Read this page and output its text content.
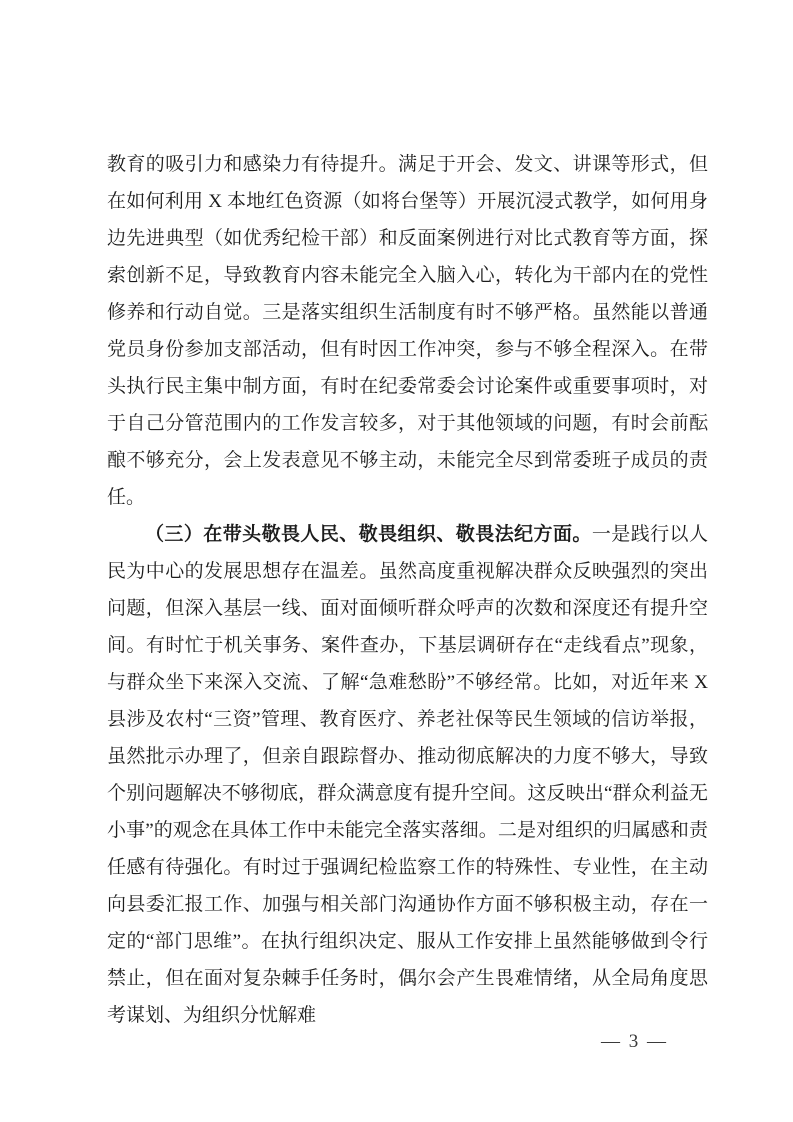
教育的吸引力和感染力有待提升。满足于开会、发文、讲课等形式，但在如何利用 X 本地红色资源（如将台堡等）开展沉浸式教学，如何用身边先进典型（如优秀纪检干部）和反面案例进行对比式教育等方面，探索创新不足，导致教育内容未能完全入脑入心，转化为干部内在的党性修养和行动自觉。三是落实组织生活制度有时不够严格。虽然能以普通党员身份参加支部活动，但有时因工作冲突，参与不够全程深入。在带头执行民主集中制方面，有时在纪委常委会讨论案件或重要事项时，对于自己分管范围内的工作发言较多，对于其他领域的问题，有时会前酝酿不够充分，会上发表意见不够主动，未能完全尽到常委班子成员的责任。

（三）在带头敬畏人民、敬畏组织、敬畏法纪方面。一是践行以人民为中心的发展思想存在温差。虽然高度重视解决群众反映强烈的突出问题，但深入基层一线、面对面倾听群众呼声的次数和深度还有提升空间。有时忙于机关事务、案件查办，下基层调研存在“走线看点”现象，与群众坐下来深入交流、了解“急难愁盼”不够经常。比如，对近年来 X 县涉及农村“三资”管理、教育医疗、养老社保等民生领域的信访举报，虽然批示办理了，但亲自跟踪督办、推动彻底解决的力度不够大，导致个别问题解决不够彻底，群众满意度有提升空间。这反映出“群众利益无小事”的观念在具体工作中未能完全落实落细。二是对组织的归属感和责任感有待强化。有时过于强调纪检监察工作的特殊性、专业性，在主动向县委汇报工作、加强与相关部门沟通协作方面不够积极主动，存在一定的“部门思维”。在执行组织决定、服从工作安排上虽然能够做到令行禁止，但在面对复杂棘手任务时，偶尔会产生畏难情绪，从全局角度思考谋划、为组织分忧解难

— 3 —
